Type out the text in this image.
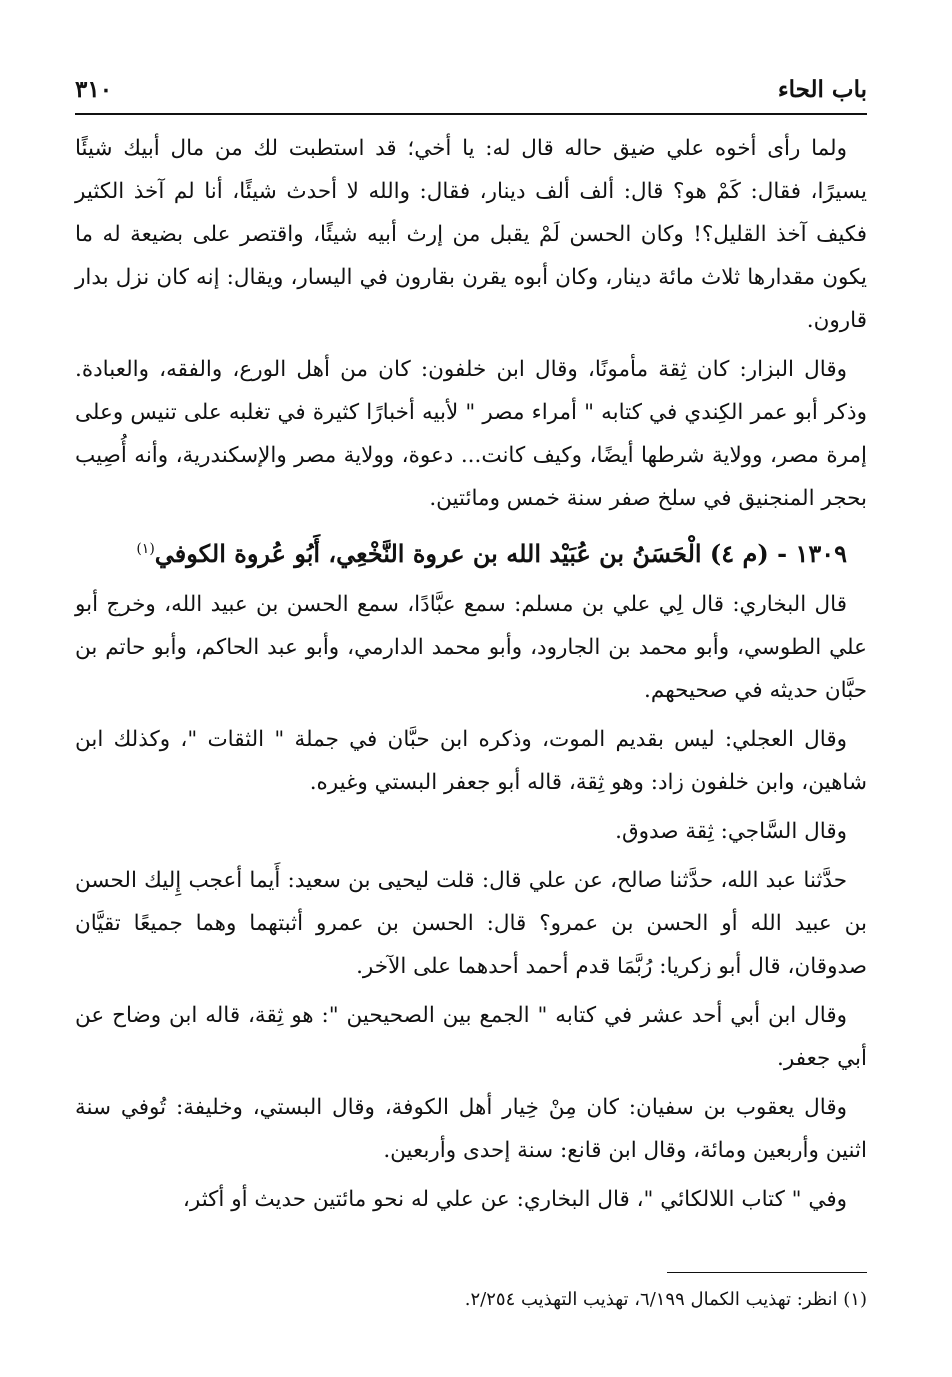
باب الحاء
٣١٠

ولما رأى أخوه علي ضيق حاله قال له: يا أخي؛ قد استطبت لك من مال أبيك شيئًا يسيرًا، فقال: كَمْ هو؟ قال: ألف ألف دينار، فقال: والله لا أحدث شيئًا، أنا لم آخذ الكثير فكيف آخذ القليل؟! وكان الحسن لَمْ يقبل من إرث أبيه شيئًا، واقتصر على بضيعة له ما يكون مقدارها ثلاث مائة دينار، وكان أبوه يقرن بقارون في اليسار، ويقال: إنه كان نزل بدار قارون.

وقال البزار: كان ثِقة مأمونًا، وقال ابن خلفون: كان من أهل الورع، والفقه، والعبادة. وذكر أبو عمر الكِندي في كتابه " أمراء مصر " لأبيه أخبارًا كثيرة في تغلبه على تنيس وعلى إمرة مصر، وولاية شرطها أيضًا، وكيف كانت... دعوة، وولاية مصر والإسكندرية، وأنه أُصِيب بحجر المنجنيق في سلخ صفر سنة خمس ومائتين.

١٣٠٩ - (م ٤) الْحَسَنُ بن عُبَيْد الله بن عروة النَّخْعِي، أَبُو عُروة الكوفي$^{(١)}$

قال البخاري: قال لِي علي بن مسلم: سمع عبَّادًا، سمع الحسن بن عبيد الله، وخرج أبو علي الطوسي، وأبو محمد بن الجارود، وأبو محمد الدارمي، وأبو عبد الحاكم، وأبو حاتم بن حبَّان حديثه في صحيحهم.

وقال العجلي: ليس بقديم الموت، وذكره ابن حبَّان في جملة " الثقات "، وكذلك ابن شاهين، وابن خلفون زاد: وهو ثِقة، قاله أبو جعفر البستي وغيره.

وقال السَّاجي: ثِقة صدوق.

حدَّثنا عبد الله، حدَّثنا صالح، عن علي قال: قلت ليحيى بن سعيد: أَيما أعجب إِليك الحسن بن عبيد الله أو الحسن بن عمرو؟ قال: الحسن بن عمرو أثبتهما وهما جميعًا تقيَّان صدوقان، قال أبو زكريا: رُبَّمَا قدم أحمد أحدهما على الآخر.

وقال ابن أبي أحد عشر في كتابه " الجمع بين الصحيحين ": هو ثِقة، قاله ابن وضاح عن أبي جعفر.

وقال يعقوب بن سفيان: كان مِنْ خِيار أهل الكوفة، وقال البستي، وخليفة: تُوفي سنة اثنين وأربعين ومائة، وقال ابن قانع: سنة إحدى وأربعين.

وفي " كتاب اللالكائي "، قال البخاري: عن علي له نحو مائتين حديث أو أكثر،

(١) انظر: تهذيب الكمال ٦/١٩٩، تهذيب التهذيب ٢/٢٥٤.
